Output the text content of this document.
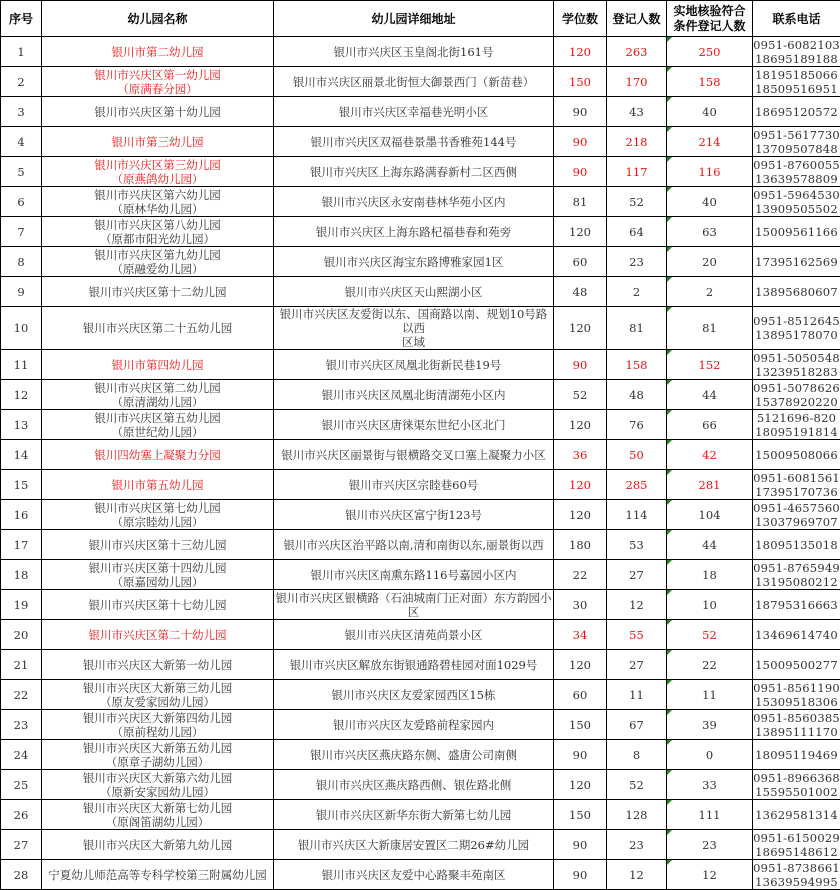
序号	幼儿园名称	幼儿园详细地址	学位数	登记人数	实地核验符合条件登记人数	联系电话
1	银川市第二幼儿园	银川市兴庆区玉皇阁北街161号	120	263	250	0951-6082103
18695189188

2	银川市兴庆区第一幼儿园
（原满春分园）	银川市兴庆区丽景北街恒大御景西门（新苗巷）	150	170	158	18195185066
18509516951

3	银川市兴庆区第十幼儿园	银川市兴庆区幸福巷光明小区	90	43	40	18695120572

4	银川市第三幼儿园	银川市兴庆区双福巷景墨书香雅苑144号	90	218	214	0951-5617730
13709507848

5	银川市兴庆区第三幼儿园
（原燕鸽幼儿园）	银川市兴庆区上海东路满春新村二区西侧	90	117	116	0951-8760055
13639578809

6	银川市兴庆区第六幼儿园
（原林华幼儿园）	银川市兴庆区永安南巷林华苑小区内	81	52	40	0951-5964530
13909505502

7	银川市兴庆区第八幼儿园
（原都市阳光幼儿园）	银川市兴庆区上海东路杞福巷春和苑旁	120	64	63	15009561166

8	银川市兴庆区第九幼儿园
（原融爱幼儿园）	银川市兴庆区海宝东路博雅家园1区	60	23	20	17395162569

9	银川市兴庆区第十二幼儿园	银川市兴庆区天山熙湖小区	48	2	2	13895680607

10	银川市兴庆区第二十五幼儿园	银川市兴庆区友爱街以东、国商路以南、规划10号路以西
区域	120	81	81	0951-8512645
13895178070

11	银川市第四幼儿园	银川市兴庆区凤凰北街新民巷19号	90	158	152	0951-5050548
13239518283

12	银川市兴庆区第二幼儿园
（原清湖幼儿园）	银川市兴庆区凤凰北街清湖苑小区内	52	48	44	0951-5078626
15378920220

13	银川市兴庆区第五幼儿园
（原世纪幼儿园）	银川市兴庆区唐徕渠东世纪小区北门	120	76	66	5121696-820
18095191814

14	银川四幼塞上凝聚力分园	银川市兴庆区丽景街与银横路交叉口塞上凝聚力小区	36	50	42	15009508066

15	银川市第五幼儿园	银川市兴庆区宗睦巷60号	120	285	281	0951-6081561
17395170736

16	银川市兴庆区第七幼儿园
（原宗睦幼儿园）	银川市兴庆区富宁街123号	120	114	104	0951-4657560
13037969707

17	银川市兴庆区第十三幼儿园	银川市兴庆区治平路以南,清和南街以东,丽景街以西	180	53	44	18095135018

18	银川市兴庆区第十四幼儿园
（原嘉园幼儿园）	银川市兴庆区南熏东路116号嘉园小区内	22	27	18	0951-8765949
13195080212

19	银川市兴庆区第十七幼儿园	银川市兴庆区银横路（石油城南门正对面）东方韵园小区	30	12	10	18795316663

20	银川市兴庆区第二十幼儿园	银川市兴庆区清苑尚景小区	34	55	52	13469614740

21	银川市兴庆区大新第一幼儿园	银川市兴庆区解放东街银通路碧桂园对面1029号	120	27	22	15009500277

22	银川市兴庆区大新第三幼儿园
（原友爱家园幼儿园）	银川市兴庆区友爱家园西区15栋	60	11	11	0951-8561190
15309518306

23	银川市兴庆区大新第四幼儿园
（原前程幼儿园）	银川市兴庆区友爱路前程家园内	150	67	39	0951-8560385
13895111170

24	银川市兴庆区大新第五幼儿园
（原章子湖幼儿园）	银川市兴庆区燕庆路东侧、盛唐公司南侧	90	8	0	18095119469

25	银川市兴庆区大新第六幼儿园
（原新安家园幼儿园）	银川市兴庆区燕庆路西侧、银佐路北侧	120	52	33	0951-8966368
15595501002

26	银川市兴庆区大新第七幼儿园
（原阁笛湖幼儿园）	银川市兴庆区新华东街大新第七幼儿园	150	128	111	13629581314

27	银川市兴庆区大新第九幼儿园	银川市兴庆区大新康居安置区二期26#幼儿园	90	23	23	0951-6150029
18695148612

28	宁夏幼儿师范高等专科学校第三附属幼儿园	银川市兴庆区友爱中心路聚丰苑南区	90	12	12	0951-8738661
13639594995
